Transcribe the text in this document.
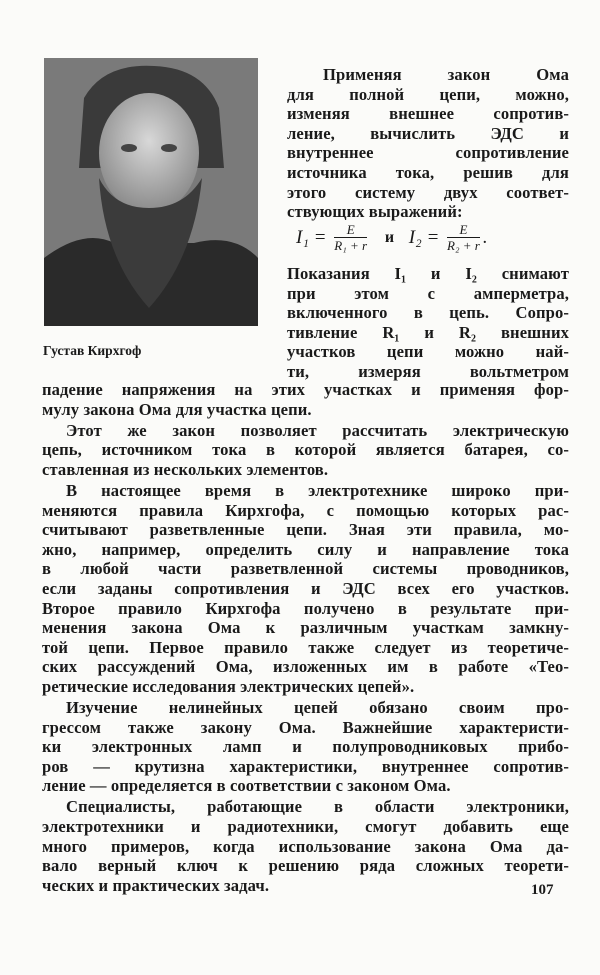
Густав Кирхгоф
Применяя закон Ома
для полной цепи, можно,
изменяя внешнее сопротив-
ление, вычислить ЭДС и
внутреннее сопротивление
источника тока, решив для
этого систему двух соответ-
ствующих выражений:
$I_1 = \frac{E}{\text{R₁ + r}}$ и $I_2 = \frac{E}{\text{R₂ + r}}$ .
Показания I₁ и I₂ снимают
при этом с амперметра,
включенного в цепь. Сопро-
тивление R₁ и R₂ внешних
участков цепи можно най-
ти, измеряя вольтметром
падение напряжения на этих участках и применяя фор-
мулу закона Ома для участка цепи.
Этот же закон позволяет рассчитать электрическую
цепь, источником тока в которой является батарея, со-
ставленная из нескольких элементов.
В настоящее время в электротехнике широко при-
меняются правила Кирхгофа, с помощью которых рас-
считывают разветвленные цепи. Зная эти правила, мо-
жно, например, определить силу и направление тока
в любой части разветвленной системы проводников,
если заданы сопротивления и ЭДС всех его участков.
Второе правило Кирхгофа получено в результате при-
менения закона Ома к различным участкам замкну-
той цепи. Первое правило также следует из теоретиче-
ских рассуждений Ома, изложенных им в работе «Тео-
ретические исследования электрических цепей».
Изучение нелинейных цепей обязано своим про-
грессом также закону Ома. Важнейшие характеристи-
ки электронных ламп и полупроводниковых прибо-
ров — крутизна характеристики, внутреннее сопротив-
ление — определяется в соответствии с законом Ома.
Специалисты, работающие в области электроники,
электротехники и радиотехники, смогут добавить еще
много примеров, когда использование закона Ома да-
вало верный ключ к решению ряда сложных теорети-
ческих и практических задач.	107
